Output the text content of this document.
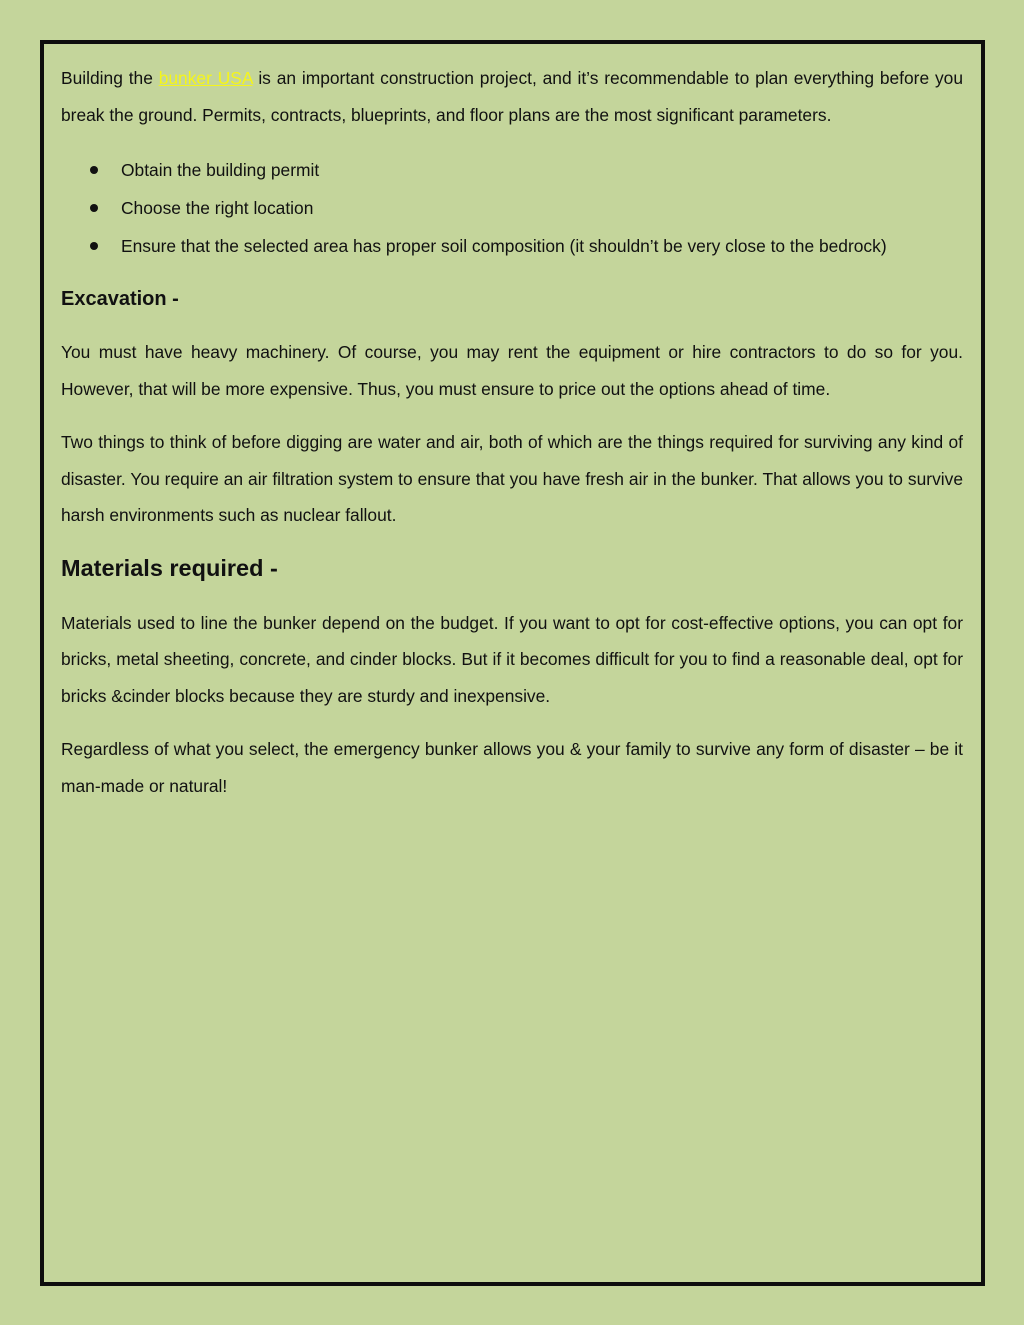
Building the bunker USA is an important construction project, and it’s recommendable to plan everything before you break the ground. Permits, contracts, blueprints, and floor plans are the most significant parameters.

Obtain the building permit
Choose the right location
Ensure that the selected area has proper soil composition (it shouldn’t be very close to the bedrock)
Excavation -

You must have heavy machinery. Of course, you may rent the equipment or hire contractors to do so for you. However, that will be more expensive. Thus, you must ensure to price out the options ahead of time.

Two things to think of before digging are water and air, both of which are the things required for surviving any kind of disaster. You require an air filtration system to ensure that you have fresh air in the bunker. That allows you to survive harsh environments such as nuclear fallout.

Materials required -

Materials used to line the bunker depend on the budget. If you want to opt for cost-effective options, you can opt for bricks, metal sheeting, concrete, and cinder blocks. But if it becomes difficult for you to find a reasonable deal, opt for bricks &cinder blocks because they are sturdy and inexpensive.

Regardless of what you select, the emergency bunker allows you & your family to survive any form of disaster – be it man-made or natural!
